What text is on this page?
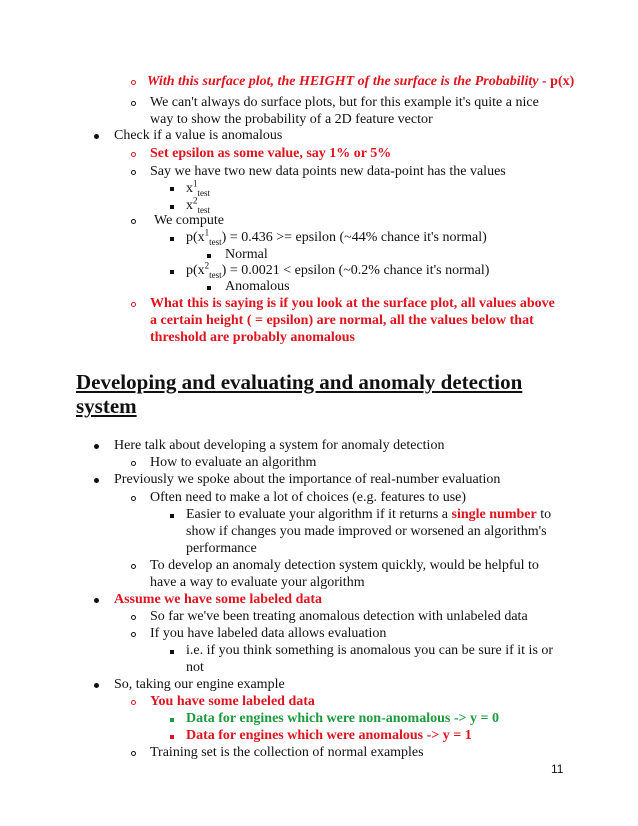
With this surface plot, the HEIGHT of the surface is the Probability - p(x)
We can't always do surface plots, but for this example it's quite a nice
way to show the probability of a 2D feature vector
Check if a value is anomalous
Set epsilon as some value, say 1% or 5%
Say we have two new data points new data-point has the values
$x^1_{test}$
$x^2_{test}$
We compute
$p(x^1_{test}) = 0.436$ >= epsilon (~44% chance it's normal)
Normal
$p(x^2_{test}) = 0.0021$ < epsilon (~0.2% chance it's normal)
Anomalous
What this is saying is if you look at the surface plot, all values above
a certain height ( = epsilon) are normal, all the values below that
threshold are probably anomalous
Developing and evaluating and anomaly detection
system
Here talk about developing a system for anomaly detection
How to evaluate an algorithm
Previously we spoke about the importance of real-number evaluation
Often need to make a lot of choices (e.g. features to use)
Easier to evaluate your algorithm if it returns a single number to
show if changes you made improved or worsened an algorithm's
performance
To develop an anomaly detection system quickly, would be helpful to
have a way to evaluate your algorithm
Assume we have some labeled data
So far we've been treating anomalous detection with unlabeled data
If you have labeled data allows evaluation
i.e. if you think something is anomalous you can be sure if it is or
not
So, taking our engine example
You have some labeled data
Data for engines which were non-anomalous -> y = 0
Data for engines which were anomalous -> y = 1
Training set is the collection of normal examples
11
